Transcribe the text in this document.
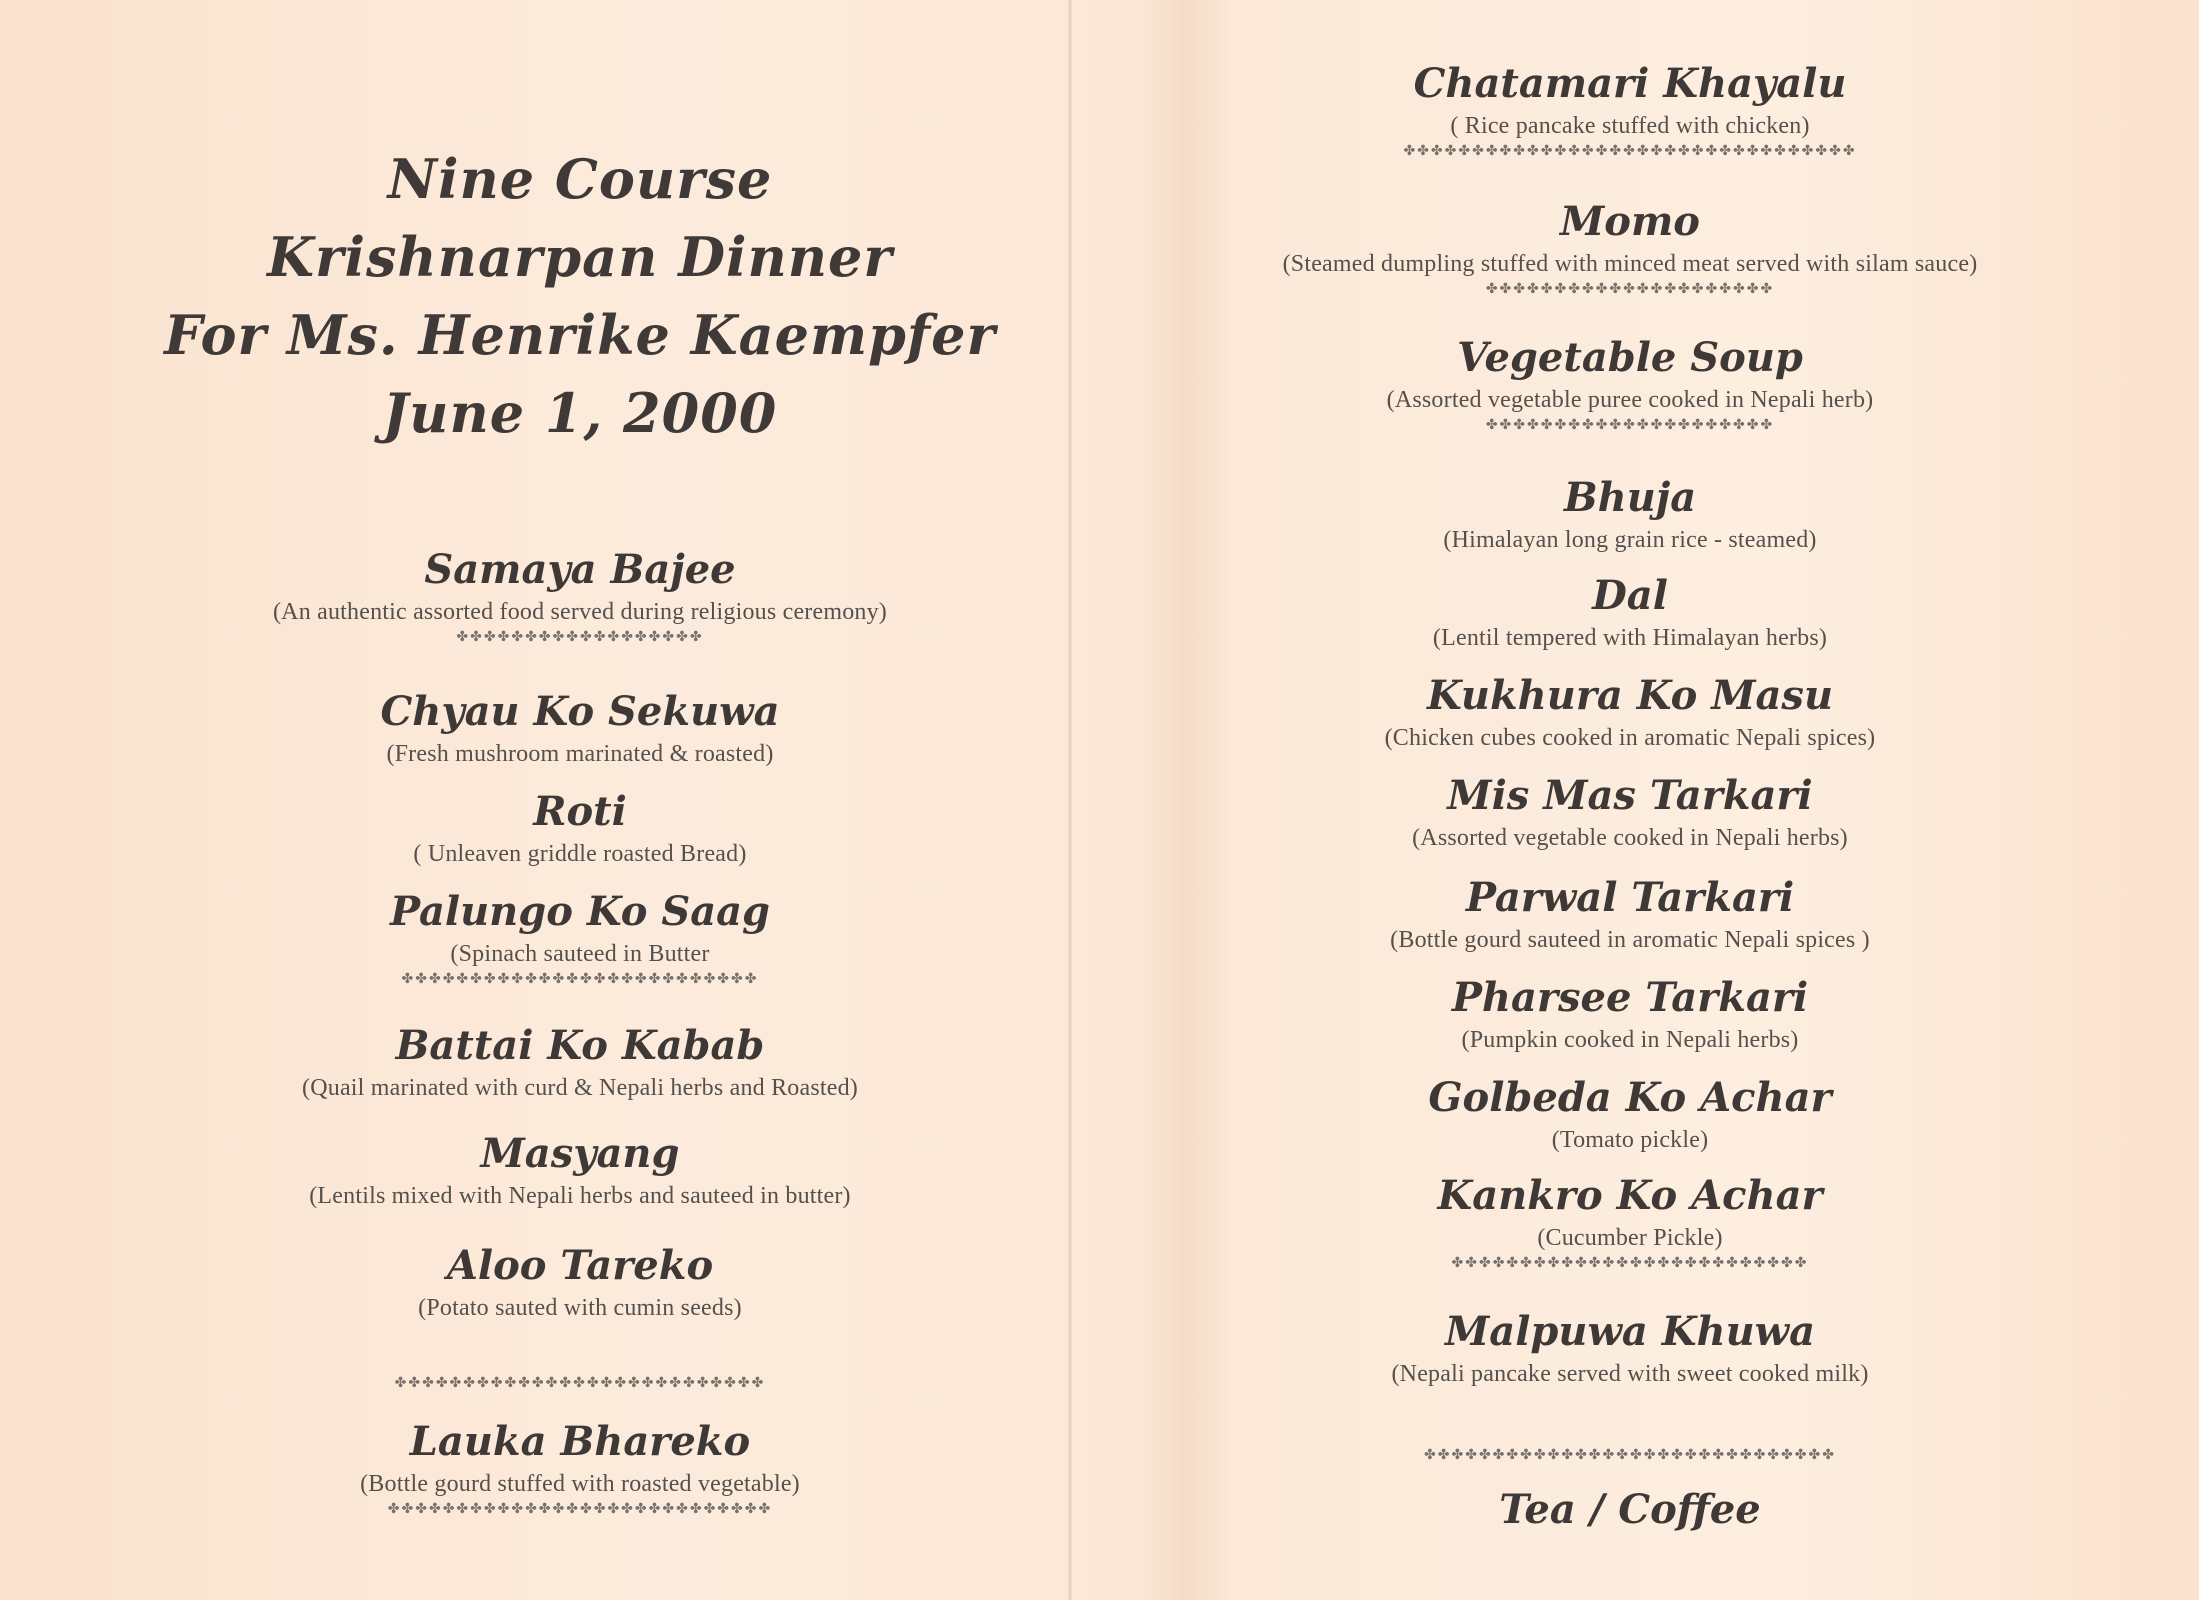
Nine Course
Krishnarpan Dinner
For Ms. Henrike Kaempfer
June 1, 2000
Samaya Bajee
(An authentic assorted food served during religious ceremony)
✤✤✤✤✤✤✤✤✤✤✤✤✤✤✤✤✤✤
Chyau Ko Sekuwa
(Fresh mushroom marinated & roasted)
Roti
( Unleaven griddle roasted Bread)
Palungo Ko Saag
(Spinach sauteed in Butter
✤✤✤✤✤✤✤✤✤✤✤✤✤✤✤✤✤✤✤✤✤✤✤✤✤✤
Battai Ko Kabab
(Quail marinated with curd & Nepali herbs and Roasted)
Masyang
(Lentils mixed with Nepali herbs and sauteed in butter)
Aloo Tareko
(Potato sauted with cumin seeds)
✤✤✤✤✤✤✤✤✤✤✤✤✤✤✤✤✤✤✤✤✤✤✤✤✤✤✤
Lauka Bhareko
(Bottle gourd stuffed with roasted vegetable)
✤✤✤✤✤✤✤✤✤✤✤✤✤✤✤✤✤✤✤✤✤✤✤✤✤✤✤✤
Chatamari Khayalu
( Rice pancake stuffed with chicken)
✤✤✤✤✤✤✤✤✤✤✤✤✤✤✤✤✤✤✤✤✤✤✤✤✤✤✤✤✤✤✤✤✤
Momo
(Steamed dumpling stuffed with minced meat served with silam sauce)
✤✤✤✤✤✤✤✤✤✤✤✤✤✤✤✤✤✤✤✤✤
Vegetable Soup
(Assorted vegetable puree cooked in Nepali herb)
✤✤✤✤✤✤✤✤✤✤✤✤✤✤✤✤✤✤✤✤✤
Bhuja
(Himalayan long grain rice - steamed)
Dal
(Lentil tempered with Himalayan herbs)
Kukhura Ko Masu
(Chicken cubes cooked in aromatic Nepali spices)
Mis Mas Tarkari
(Assorted vegetable cooked in Nepali herbs)
Parwal Tarkari
(Bottle gourd sauteed in aromatic Nepali spices )
Pharsee Tarkari
(Pumpkin cooked in Nepali herbs)
Golbeda Ko Achar
(Tomato pickle)
Kankro Ko Achar
(Cucumber Pickle)
✤✤✤✤✤✤✤✤✤✤✤✤✤✤✤✤✤✤✤✤✤✤✤✤✤✤
Malpuwa Khuwa
(Nepali pancake served with sweet cooked milk)
✤✤✤✤✤✤✤✤✤✤✤✤✤✤✤✤✤✤✤✤✤✤✤✤✤✤✤✤✤✤
Tea / Coffee
